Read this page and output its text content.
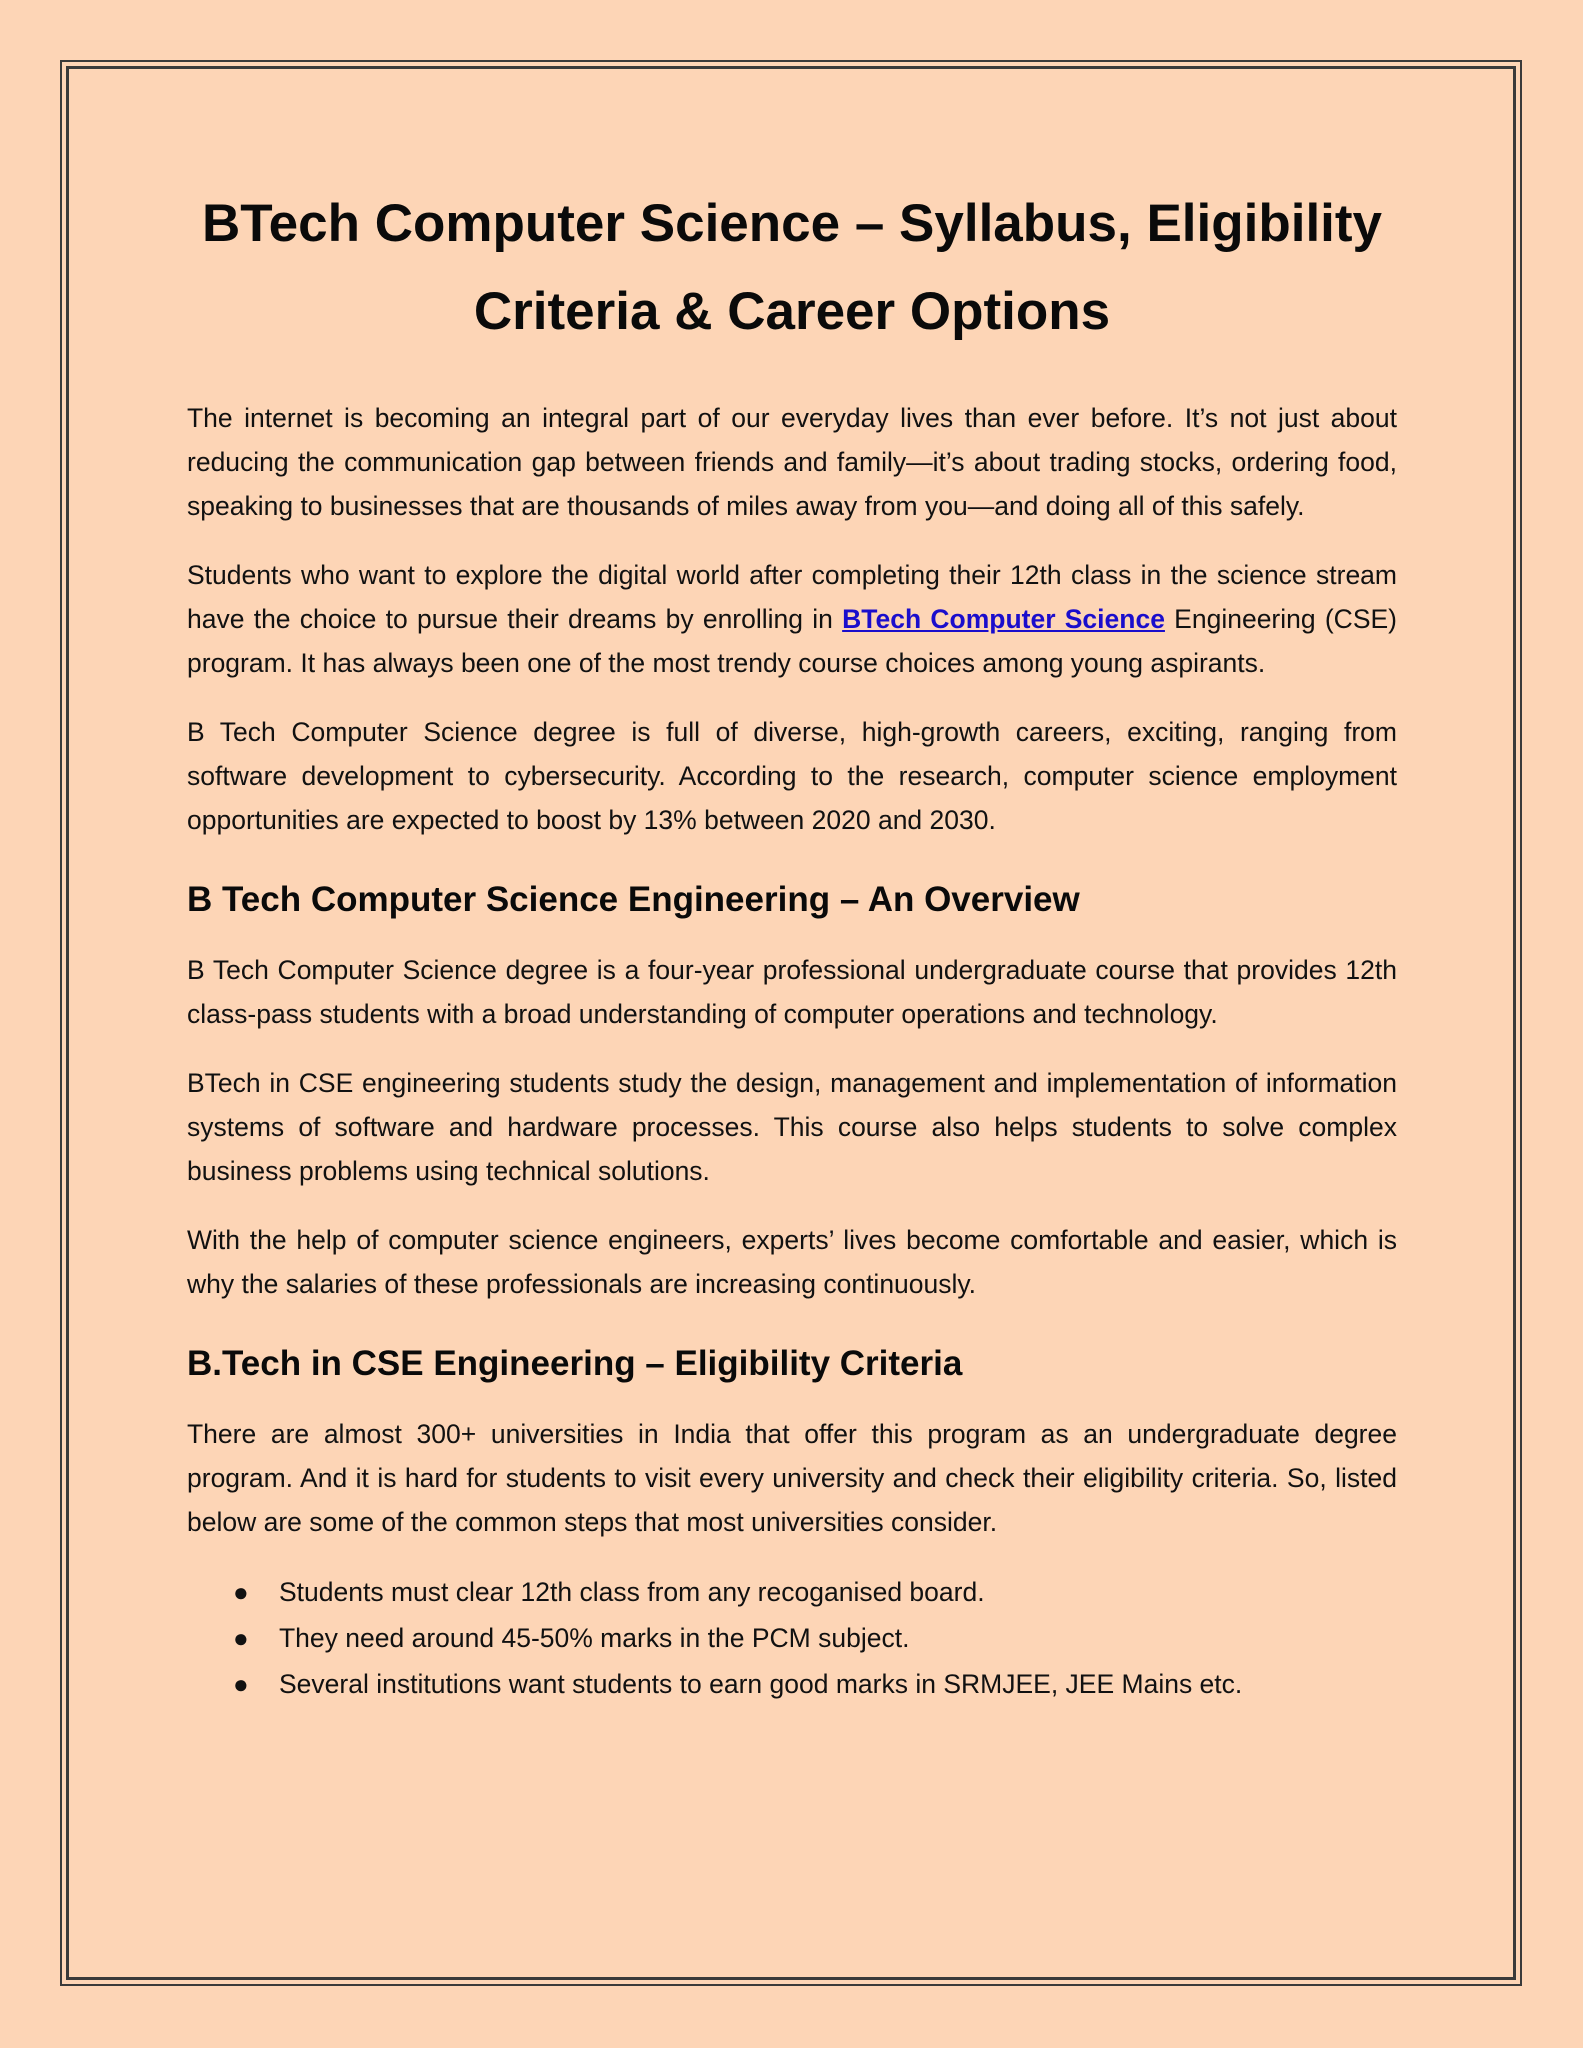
BTech Computer Science – Syllabus, Eligibility Criteria & Career Options

The internet is becoming an integral part of our everyday lives than ever before. It’s not just about reducing the communication gap between friends and family—it’s about trading stocks, ordering food, speaking to businesses that are thousands of miles away from you—and doing all of this safely.

Students who want to explore the digital world after completing their 12th class in the science stream have the choice to pursue their dreams by enrolling in BTech Computer Science Engineering (CSE) program. It has always been one of the most trendy course choices among young aspirants.

B Tech Computer Science degree is full of diverse, high-growth careers, exciting, ranging from software development to cybersecurity. According to the research, computer science employment opportunities are expected to boost by 13% between 2020 and 2030.

B Tech Computer Science Engineering – An Overview

B Tech Computer Science degree is a four-year professional undergraduate course that provides 12th class-pass students with a broad understanding of computer operations and technology.

BTech in CSE engineering students study the design, management and implementation of information systems of software and hardware processes. This course also helps students to solve complex business problems using technical solutions.

With the help of computer science engineers, experts’ lives become comfortable and easier, which is why the salaries of these professionals are increasing continuously.

B.Tech in CSE Engineering – Eligibility Criteria

There are almost 300+ universities in India that offer this program as an undergraduate degree program. And it is hard for students to visit every university and check their eligibility criteria. So, listed below are some of the common steps that most universities consider.

● Students must clear 12th class from any recoganised board.
● They need around 45-50% marks in the PCM subject.
● Several institutions want students to earn good marks in SRMJEE, JEE Mains etc.
